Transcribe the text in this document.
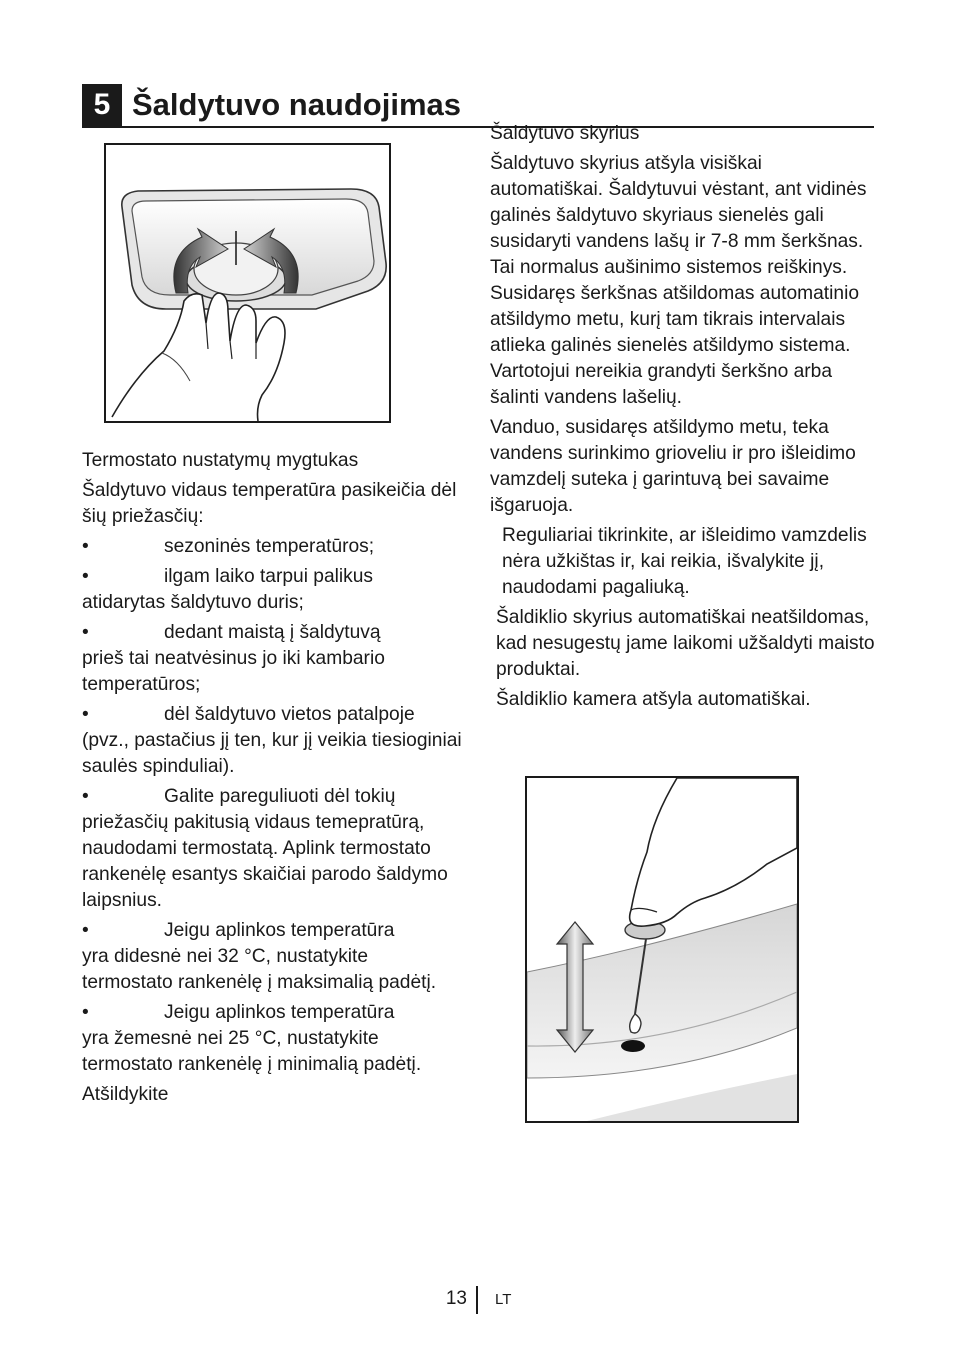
5 Šaldytuvo naudojimas

Termostato nustatymų mygtukas

Šaldytuvo vidaus temperatūra pasikeičia dėl šių priežasčių:

•	sezoninės temperatūros;
•	ilgam laiko tarpui palikus
atidarytas šaldytuvo duris;
•	dedant maistą į šaldytuvą
prieš tai neatvėsinus jo iki kambario temperatūros;
•	dėl šaldytuvo vietos patalpoje
(pvz., pastačius jį ten, kur jį veikia tiesioginiai saulės spinduliai).
•	Galite pareguliuoti dėl tokių
priežasčių pakitusią vidaus temepratūrą, naudodami termostatą. Aplink termostato rankenėlę esantys skaičiai parodo šaldymo laipsnius.
•	Jeigu aplinkos temperatūra
yra didesnė nei 32 °C, nustatykite termostato rankenėlę į maksimalią padėtį.
•	Jeigu aplinkos temperatūra
yra žemesnė nei 25 °C, nustatykite termostato rankenėlę į minimalią padėtį.

Atšildykite

Šaldytuvo skyrius

Šaldytuvo skyrius atšyla visiškai automatiškai. Šaldytuvui vėstant, ant vidinės galinės šaldytuvo skyriaus sienelės gali susidaryti vandens lašų ir 7-8 mm šerkšnas. Tai normalus aušinimo sistemos reiškinys. Susidaręs šerkšnas atšildomas automatinio atšildymo metu, kurį tam tikrais intervalais atlieka galinės sienelės atšildymo sistema. Vartotojui nereikia grandyti šerkšno arba šalinti vandens lašelių.

Vanduo, susidaręs atšildymo metu, teka vandens surinkimo grioveliu ir pro išleidimo vamzdelį suteka į garintuvą bei savaime išgaruoja.

Reguliariai tikrinkite, ar išleidimo vamzdelis nėra užkištas ir, kai reikia, išvalykite jį, naudodami pagaliuką.

Šaldiklio skyrius automatiškai neatšildomas, kad nesugestų jame laikomi užšaldyti maisto produktai.

Šaldiklio kamera atšyla automatiškai.

13 LT
